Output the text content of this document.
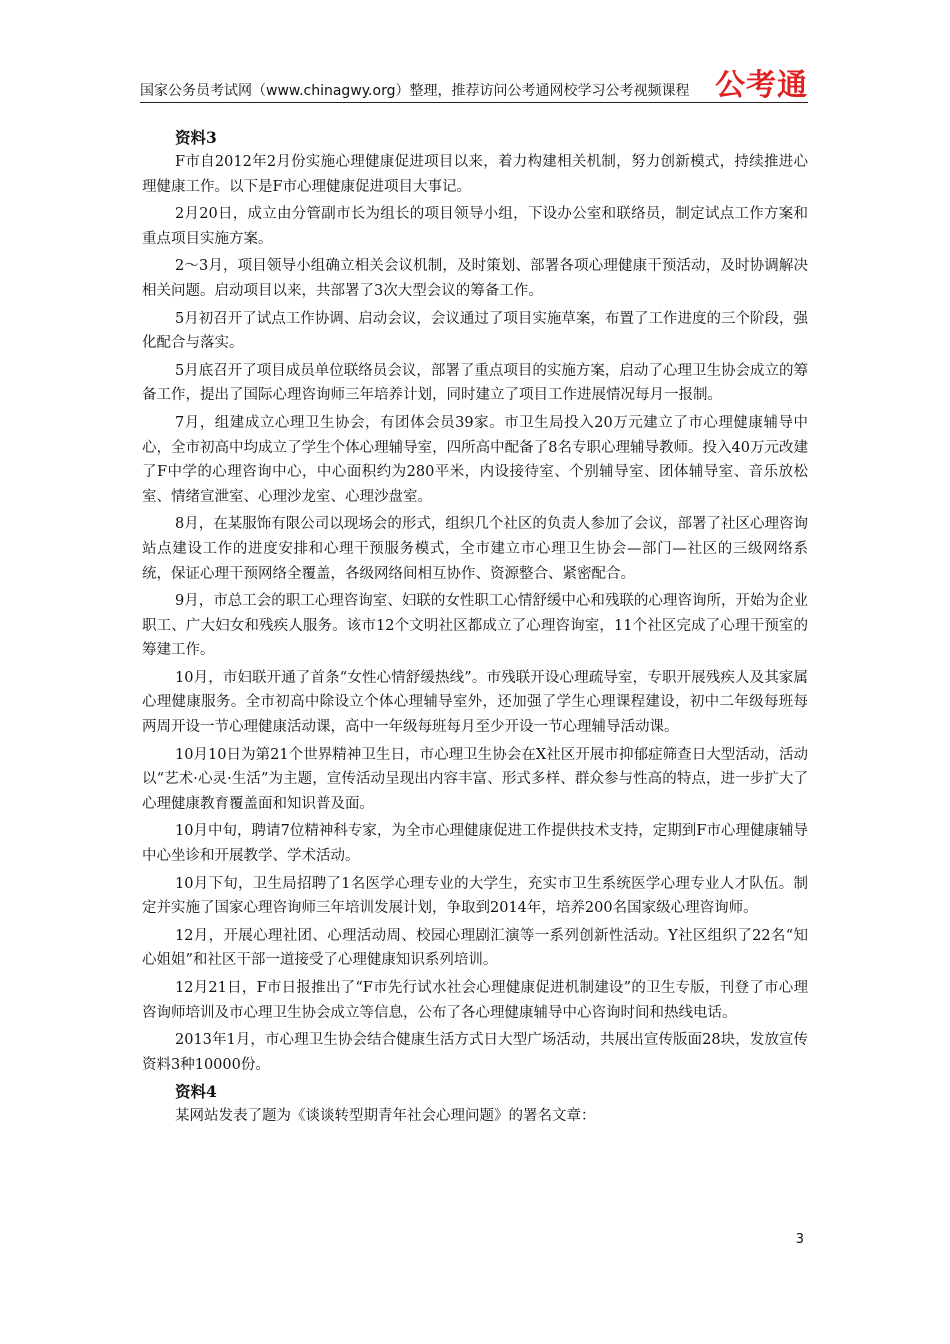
国家公务员考试网（www.chinagwy.org）整理，推荐访问公考通网校学习公考视频课程 公考通
资料3

F市自2012年2月份实施心理健康促进项目以来，着力构建相关机制，努力创新模式，持续推进心理健康工作。以下是F市心理健康促进项目大事记。

2月20日，成立由分管副市长为组长的项目领导小组，下设办公室和联络员，制定试点工作方案和重点项目实施方案。

2～3月，项目领导小组确立相关会议机制，及时策划、部署各项心理健康干预活动，及时协调解决相关问题。启动项目以来，共部署了3次大型会议的筹备工作。

5月初召开了试点工作协调、启动会议，会议通过了项目实施草案，布置了工作进度的三个阶段，强化配合与落实。

5月底召开了项目成员单位联络员会议，部署了重点项目的实施方案，启动了心理卫生协会成立的筹备工作，提出了国际心理咨询师三年培养计划，同时建立了项目工作进展情况每月一报制。

7月，组建成立心理卫生协会，有团体会员39家。市卫生局投入20万元建立了市心理健康辅导中心，全市初高中均成立了学生个体心理辅导室，四所高中配备了8名专职心理辅导教师。投入40万元改建了F中学的心理咨询中心，中心面积约为280平米，内设接待室、个别辅导室、团体辅导室、音乐放松室、情绪宣泄室、心理沙龙室、心理沙盘室。

8月，在某服饰有限公司以现场会的形式，组织几个社区的负责人参加了会议，部署了社区心理咨询站点建设工作的进度安排和心理干预服务模式，全市建立市心理卫生协会—部门—社区的三级网络系统，保证心理干预网络全覆盖，各级网络间相互协作、资源整合、紧密配合。

9月，市总工会的职工心理咨询室、妇联的女性职工心情舒缓中心和残联的心理咨询所，开始为企业职工、广大妇女和残疾人服务。该市12个文明社区都成立了心理咨询室，11个社区完成了心理干预室的筹建工作。

10月，市妇联开通了首条“女性心情舒缓热线”。市残联开设心理疏导室，专职开展残疾人及其家属心理健康服务。全市初高中除设立个体心理辅导室外，还加强了学生心理课程建设，初中二年级每班每两周开设一节心理健康活动课，高中一年级每班每月至少开设一节心理辅导活动课。

10月10日为第21个世界精神卫生日，市心理卫生协会在X社区开展市抑郁症筛查日大型活动，活动以“艺术·心灵·生活”为主题，宣传活动呈现出内容丰富、形式多样、群众参与性高的特点，进一步扩大了心理健康教育覆盖面和知识普及面。

10月中旬，聘请7位精神科专家，为全市心理健康促进工作提供技术支持，定期到F市心理健康辅导中心坐诊和开展教学、学术活动。

10月下旬，卫生局招聘了1名医学心理专业的大学生，充实市卫生系统医学心理专业人才队伍。制定并实施了国家心理咨询师三年培训发展计划，争取到2014年，培养200名国家级心理咨询师。

12月，开展心理社团、心理活动周、校园心理剧汇演等一系列创新性活动。Y社区组织了22名“知心姐姐”和社区干部一道接受了心理健康知识系列培训。

12月21日，F市日报推出了“F市先行试水社会心理健康促进机制建设”的卫生专版，刊登了市心理咨询师培训及市心理卫生协会成立等信息，公布了各心理健康辅导中心咨询时间和热线电话。

2013年1月，市心理卫生协会结合健康生活方式日大型广场活动，共展出宣传版面28块，发放宣传资料3种10000份。

资料4

某网站发表了题为《谈谈转型期青年社会心理问题》的署名文章：

3
